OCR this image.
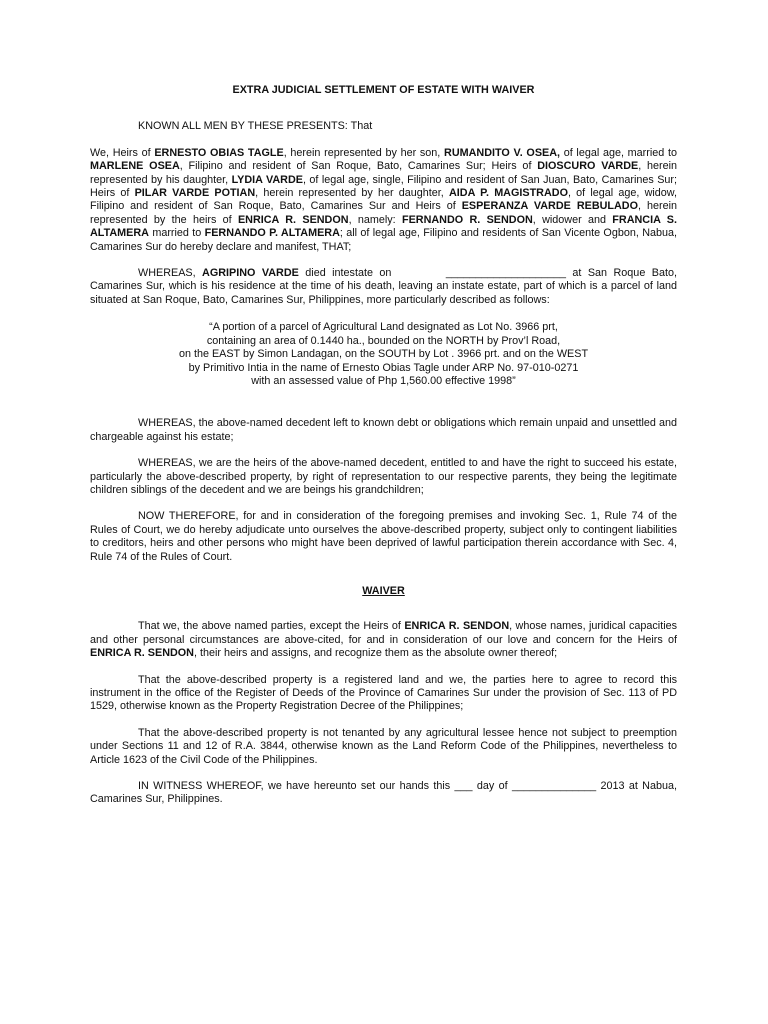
EXTRA JUDICIAL SETTLEMENT OF ESTATE WITH WAIVER

KNOWN ALL MEN BY THESE PRESENTS: That

We, Heirs of ERNESTO OBIAS TAGLE, herein represented by her son, RUMANDITO V. OSEA, of legal age, married to MARLENE OSEA, Filipino and resident of San Roque, Bato, Camarines Sur; Heirs of DIOSCURO VARDE, herein represented by his daughter, LYDIA VARDE, of legal age, single, Filipino and resident of San Juan, Bato, Camarines Sur; Heirs of PILAR VARDE POTIAN, herein represented by her daughter, AIDA P. MAGISTRADO, of legal age, widow, Filipino and resident of San Roque, Bato, Camarines Sur and Heirs of ESPERANZA VARDE REBULADO, herein represented by the heirs of ENRICA R. SENDON, namely: FERNANDO R. SENDON, widower and FRANCIA S. ALTAMERA married to FERNANDO P. ALTAMERA; all of legal age, Filipino and residents of San Vicente Ogbon, Nabua, Camarines Sur do hereby declare and manifest, THAT;

WHEREAS, AGRIPINO VARDE died intestate on	____________________ at San Roque Bato, Camarines Sur, which is his residence at the time of his death, leaving an instate estate, part of which is a parcel of land situated at San Roque, Bato, Camarines Sur, Philippines, more particularly described as follows:

“A portion of a parcel of Agricultural Land designated as Lot No. 3966 prt,
containing an area of 0.1440 ha., bounded on the NORTH by Prov’l Road,
on the EAST by Simon Landagan, on the SOUTH by Lot . 3966 prt. and on the WEST
by Primitivo Intia in the name of Ernesto Obias Tagle under ARP No. 97-010-0271
with an assessed value of Php 1,560.00 effective 1998”

WHEREAS, the above-named decedent left to known debt or obligations which remain unpaid and unsettled and chargeable against his estate;

WHEREAS, we are the heirs of the above-named decedent, entitled to and have the right to succeed his estate, particularly the above-described property, by right of representation to our respective parents, they being the legitimate children siblings of the decedent and we are beings his grandchildren;

NOW THEREFORE, for and in consideration of the foregoing premises and invoking Sec. 1, Rule 74 of the Rules of Court, we do hereby adjudicate unto ourselves the above-described property, subject only to contingent liabilities to creditors, heirs and other persons who might have been deprived of lawful participation therein accordance with Sec. 4, Rule 74 of the Rules of Court.

WAIVER

That we, the above named parties, except the Heirs of ENRICA R. SENDON, whose names, juridical capacities and other personal circumstances are above-cited, for and in consideration of our love and concern for the Heirs of ENRICA R. SENDON, their heirs and assigns, and recognize them as the absolute owner thereof;

That the above-described property is a registered land and we, the parties here to agree to record this instrument in the office of the Register of Deeds of the Province of Camarines Sur under the provision of Sec. 113 of PD 1529, otherwise known as the Property Registration Decree of the Philippines;

That the above-described property is not tenanted by any agricultural lessee hence not subject to preemption under Sections 11 and 12 of R.A. 3844, otherwise known as the Land Reform Code of the Philippines, nevertheless to Article 1623 of the Civil Code of the Philippines.

IN WITNESS WHEREOF, we have hereunto set our hands this ___ day of ______________ 2013 at Nabua, Camarines Sur, Philippines.
